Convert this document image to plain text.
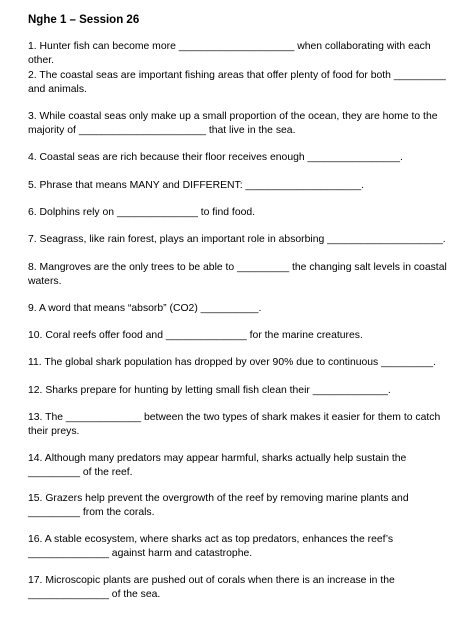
Nghe 1 – Session 26
1. Hunter fish can become more ____________________ when collaborating with each other.
2. The coastal seas are important fishing areas that offer plenty of food for both _________ and animals.
3. While coastal seas only make up a small proportion of the ocean, they are home to the majority of ______________________ that live in the sea.
4. Coastal seas are rich because their floor receives enough ________________.
5. Phrase that means MANY and DIFFERENT: ____________________.
6. Dolphins rely on ______________ to find food.
7. Seagrass, like rain forest, plays an important role in absorbing ____________________.
8. Mangroves are the only trees to be able to _________ the changing salt levels in coastal waters.
9. A word that means “absorb” (CO2) __________.
10. Coral reefs offer food and ______________ for the marine creatures.
11. The global shark population has dropped by over 90% due to continuous _________.
12. Sharks prepare for hunting by letting small fish clean their _____________.
13. The _____________ between the two types of shark makes it easier for them to catch their preys.
14. Although many predators may appear harmful, sharks actually help sustain the _________ of the reef.
15. Grazers help prevent the overgrowth of the reef by removing marine plants and _________ from the corals.
16. A stable ecosystem, where sharks act as top predators, enhances the reef’s ______________ against harm and catastrophe.
17. Microscopic plants are pushed out of corals when there is an increase in the ______________ of the sea.
